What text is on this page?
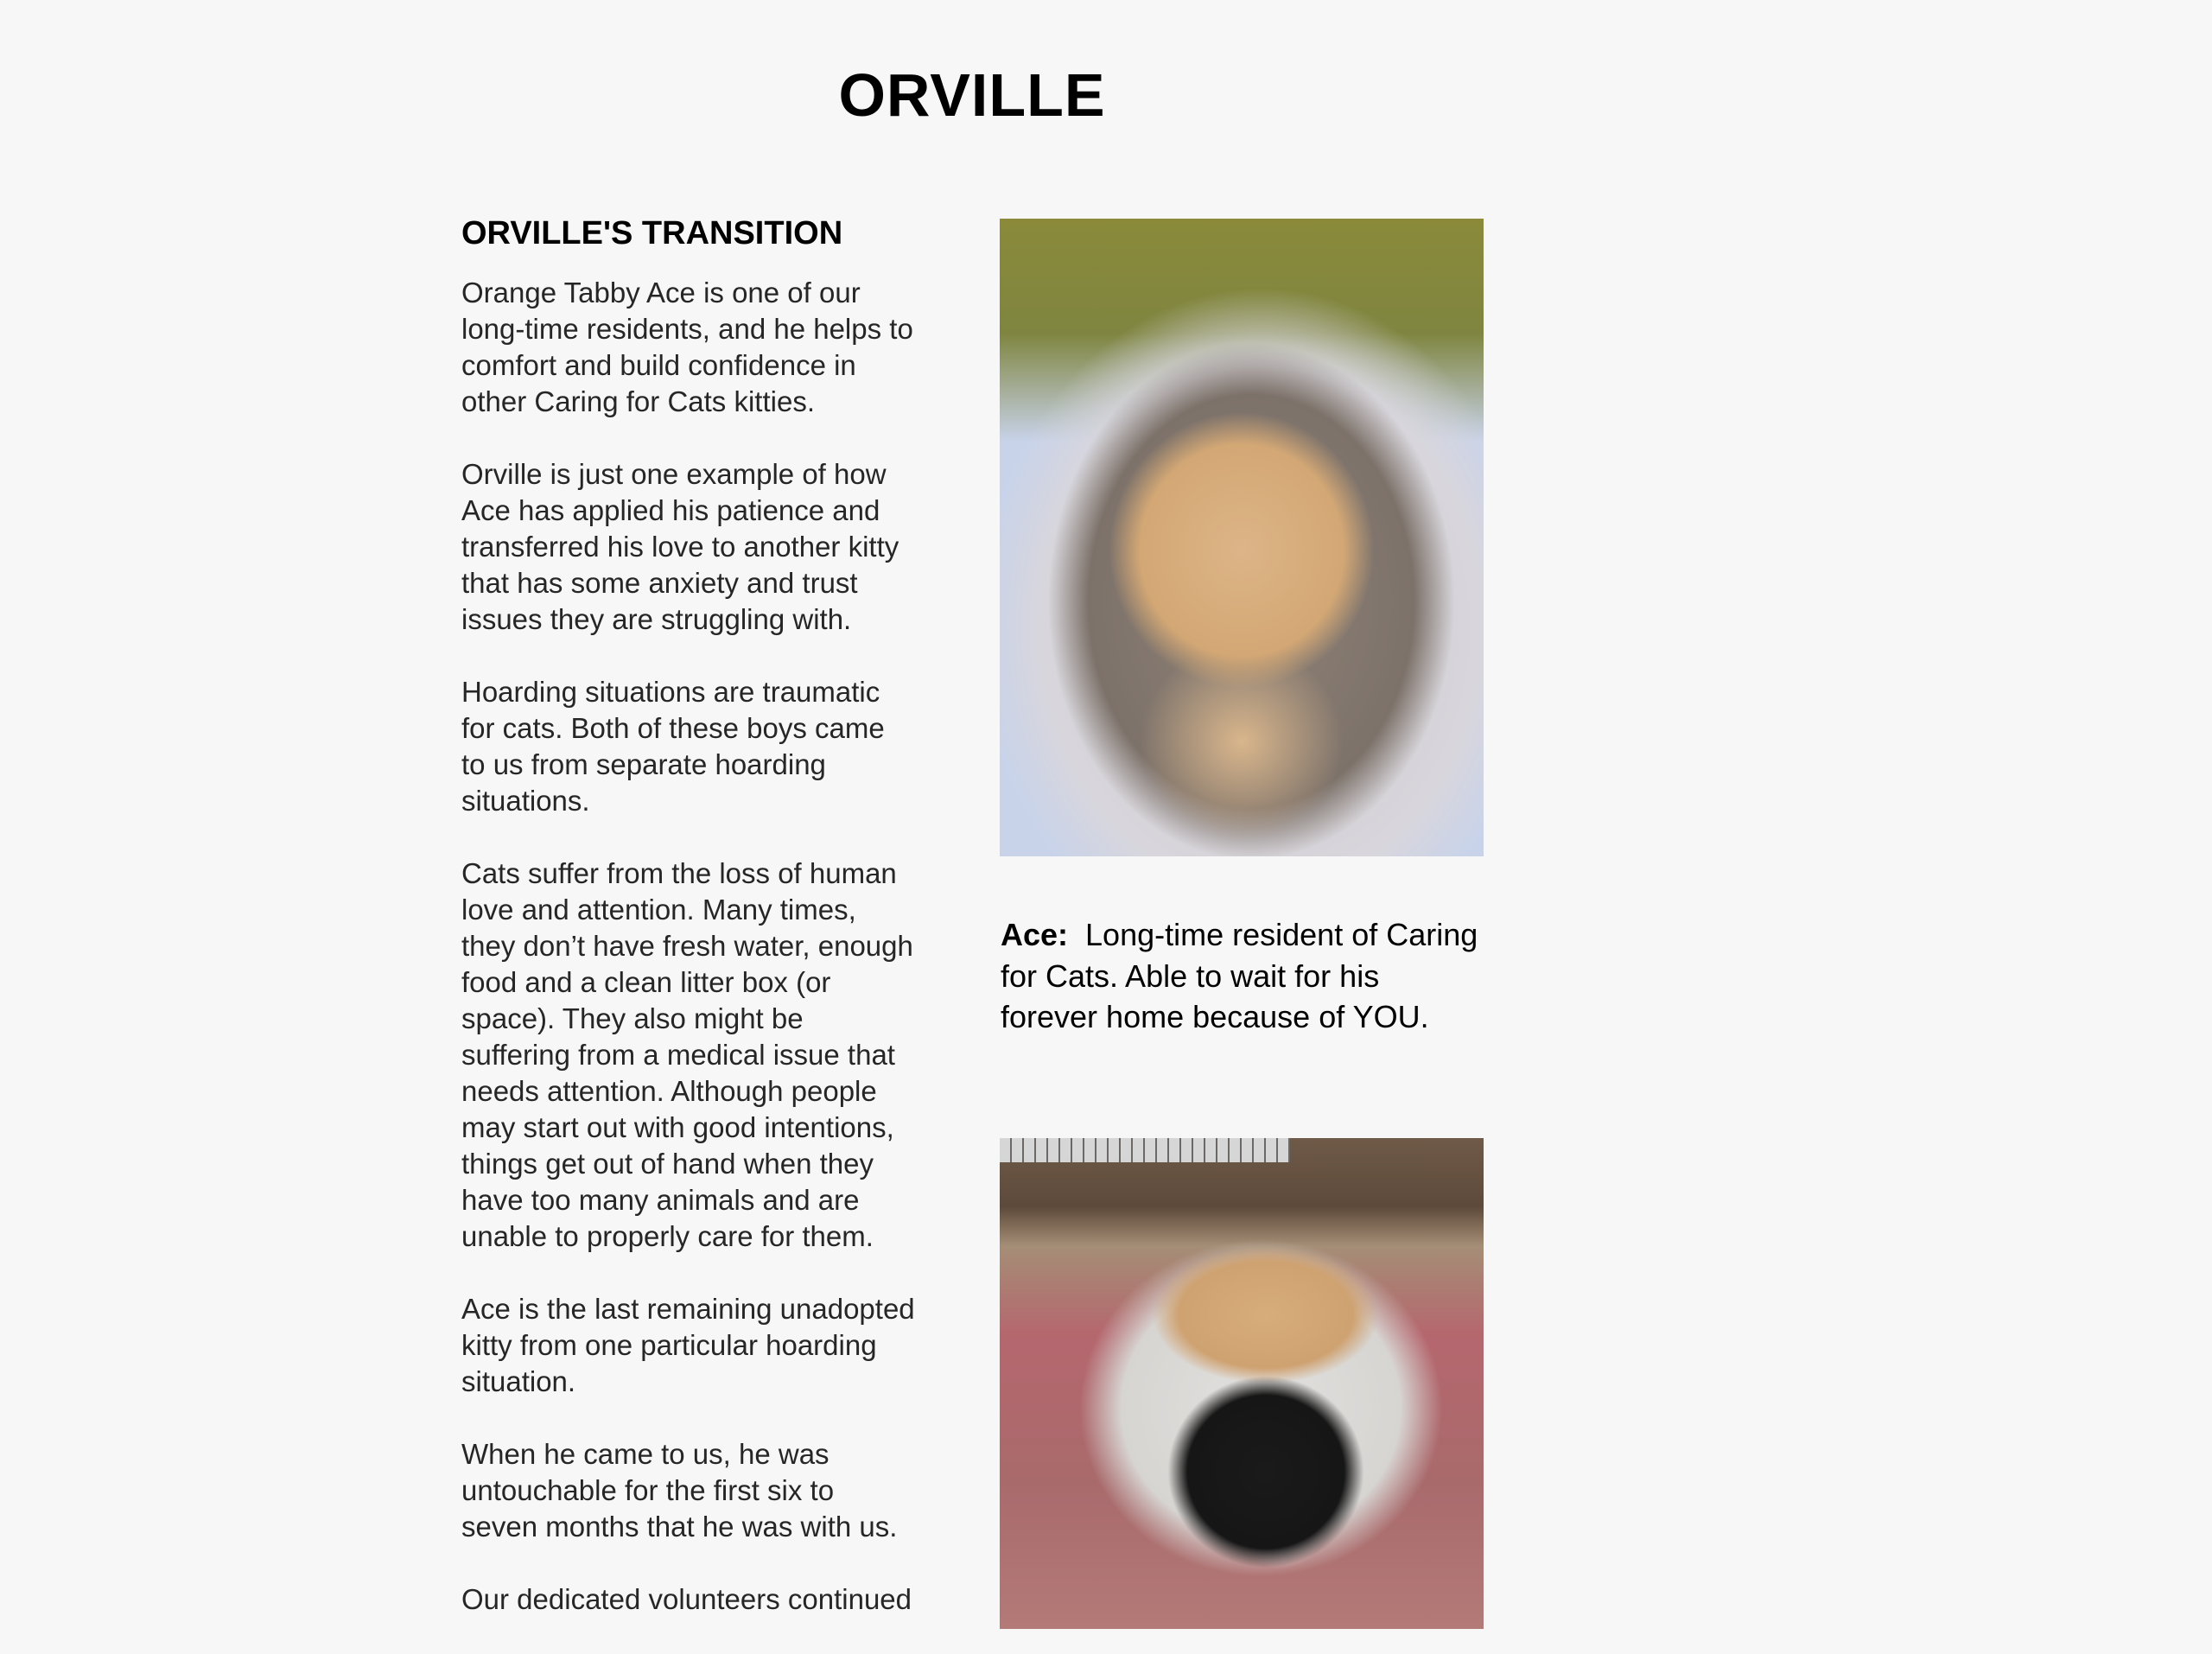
ORVILLE
ORVILLE'S TRANSITION

Orange Tabby Ace is one of our
long-time residents, and he helps to
comfort and build confidence in
other Caring for Cats kitties.

Orville is just one example of how
Ace has applied his patience and
transferred his love to another kitty
that has some anxiety and trust
issues they are struggling with.

Hoarding situations are traumatic
for cats. Both of these boys came
to us from separate hoarding
situations.

Cats suffer from the loss of human
love and attention. Many times,
they don’t have fresh water, enough
food and a clean litter box (or
space). They also might be
suffering from a medical issue that
needs attention. Although people
may start out with good intentions,
things get out of hand when they
have too many animals and are
unable to properly care for them.

Ace is the last remaining unadopted
kitty from one particular hoarding
situation.

When he came to us, he was
untouchable for the first six to
seven months that he was with us.

Our dedicated volunteers continued

Ace:  Long-time resident of Caring for Cats. Able to wait for his forever home because of YOU.
